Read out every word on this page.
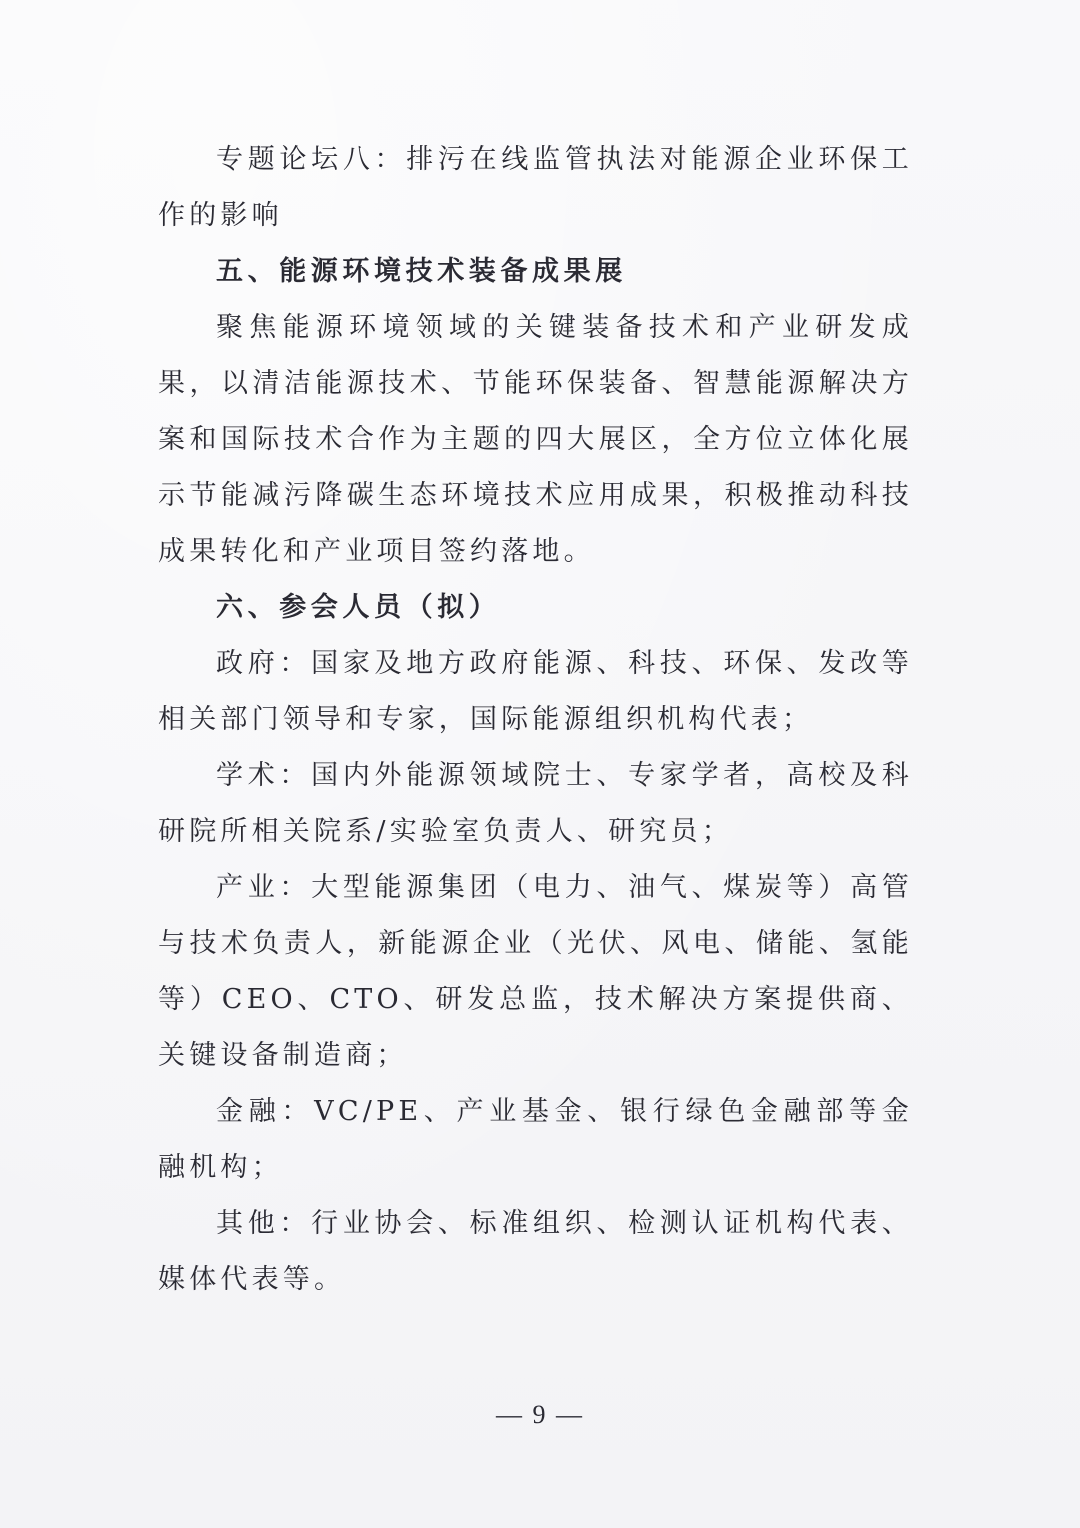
专题论坛八：排污在线监管执法对能源企业环保工作的影响

五、能源环境技术装备成果展

聚焦能源环境领域的关键装备技术和产业研发成果，以清洁能源技术、节能环保装备、智慧能源解决方案和国际技术合作为主题的四大展区，全方位立体化展示节能减污降碳生态环境技术应用成果，积极推动科技成果转化和产业项目签约落地。

六、参会人员（拟）

政府：国家及地方政府能源、科技、环保、发改等相关部门领导和专家，国际能源组织机构代表；

学术：国内外能源领域院士、专家学者，高校及科研院所相关院系/实验室负责人、研究员；

产业：大型能源集团（电力、油气、煤炭等）高管与技术负责人，新能源企业（光伏、风电、储能、氢能等）CEO、CTO、研发总监，技术解决方案提供商、关键设备制造商；

金融：VC/PE、产业基金、银行绿色金融部等金融机构；

其他：行业协会、标准组织、检测认证机构代表、媒体代表等。

— 9 —
